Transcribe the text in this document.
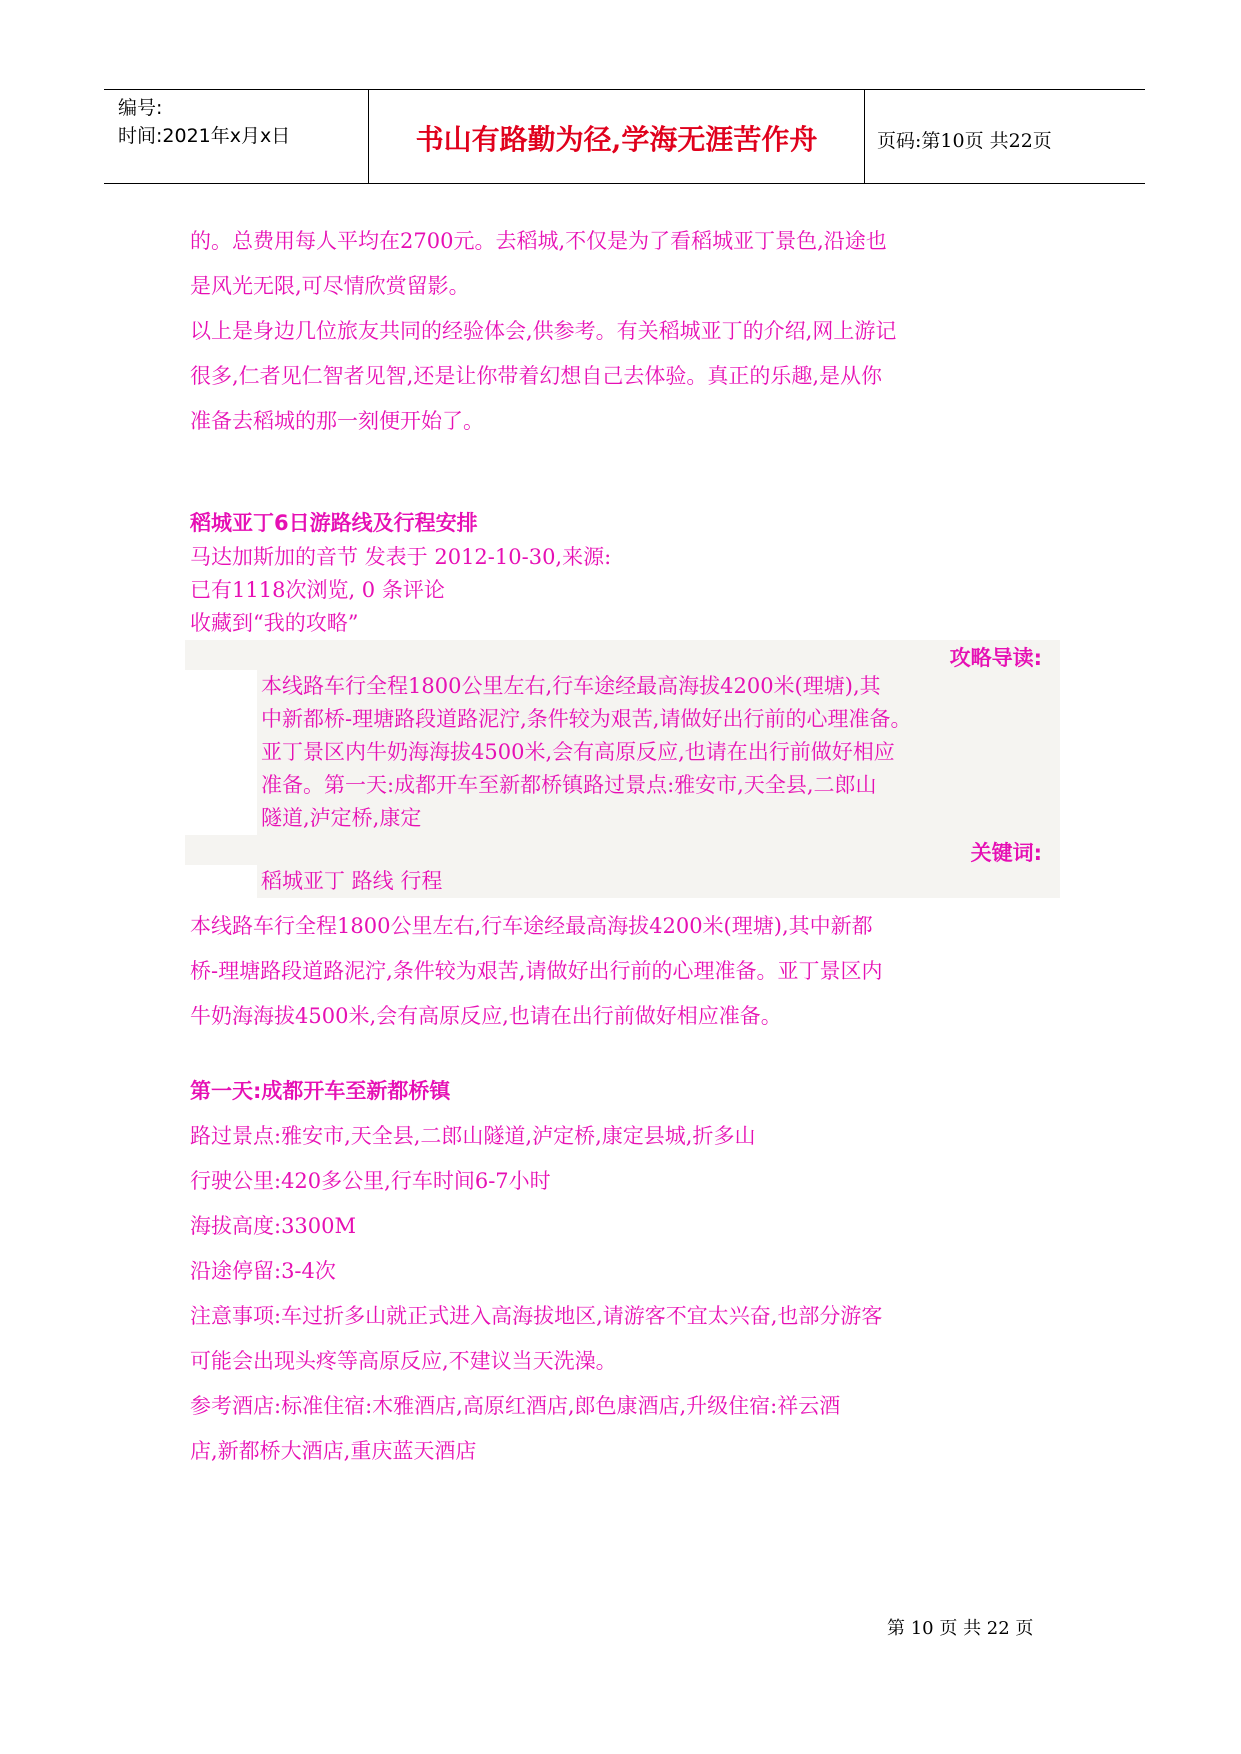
编号:
时间:2021年x月x日	书山有路勤为径,学海无涯苦作舟	页码:第10页 共22页

的。总费用每人平均在2700元。去稻城,不仅是为了看稻城亚丁景色,沿途也

是风光无限,可尽情欣赏留影。

以上是身边几位旅友共同的经验体会,供参考。有关稻城亚丁的介绍,网上游记

很多,仁者见仁智者见智,还是让你带着幻想自己去体验。真正的乐趣,是从你

准备去稻城的那一刻便开始了。

稻城亚丁6日游路线及行程安排
马达加斯加的音节 发表于 2012-10-30,来源:
已有1118次浏览, 0 条评论
收藏到“我的攻略”
攻略导读:
本线路车行全程1800公里左右,行车途经最高海拔4200米(理塘),其
中新都桥-理塘路段道路泥泞,条件较为艰苦,请做好出行前的心理准备。
亚丁景区内牛奶海海拔4500米,会有高原反应,也请在出行前做好相应
准备。第一天:成都开车至新都桥镇路过景点:雅安市,天全县,二郎山
隧道,泸定桥,康定
关键词:
稻城亚丁 路线 行程

本线路车行全程1800公里左右,行车途经最高海拔4200米(理塘),其中新都

桥-理塘路段道路泥泞,条件较为艰苦,请做好出行前的心理准备。亚丁景区内

牛奶海海拔4500米,会有高原反应,也请在出行前做好相应准备。

第一天:成都开车至新都桥镇

路过景点:雅安市,天全县,二郎山隧道,泸定桥,康定县城,折多山

行驶公里:420多公里,行车时间6-7小时

海拔高度:3300M

沿途停留:3-4次

注意事项:车过折多山就正式进入高海拔地区,请游客不宜太兴奋,也部分游客

可能会出现头疼等高原反应,不建议当天洗澡。

参考酒店:标准住宿:木雅酒店,高原红酒店,郎色康酒店,升级住宿:祥云酒

店,新都桥大酒店,重庆蓝天酒店

第 10 页 共 22 页
